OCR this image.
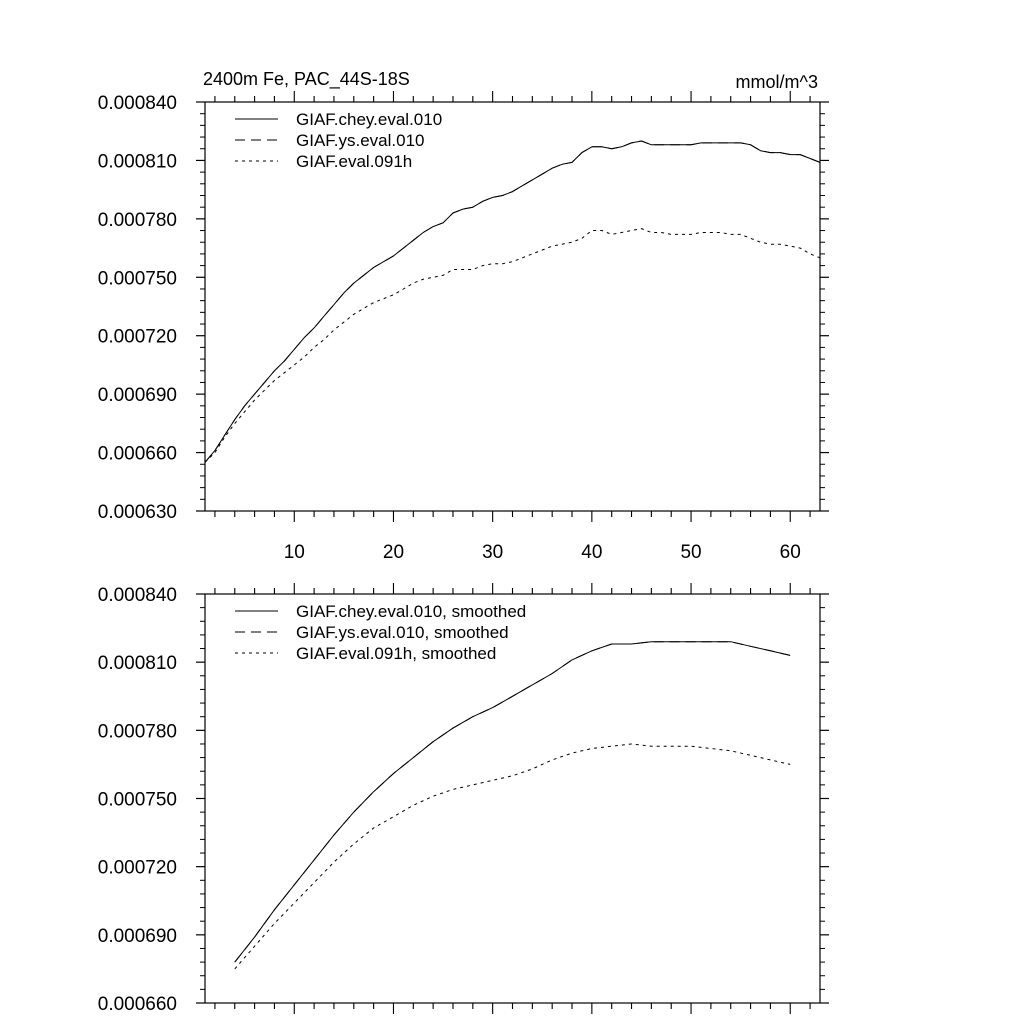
2400m Fe, PAC_44S-18S	mmol/m^3
0.000630
0.000660
0.000690
0.000720
0.000750
0.000780
0.000810
0.000840
10	20	30	40	50	60
GIAF.chey.eval.010
GIAF.ys.eval.010
GIAF.eval.091h
0.000660
0.000690
0.000720
0.000750
0.000780
0.000810
0.000840
GIAF.chey.eval.010, smoothed
GIAF.ys.eval.010, smoothed
GIAF.eval.091h, smoothed
